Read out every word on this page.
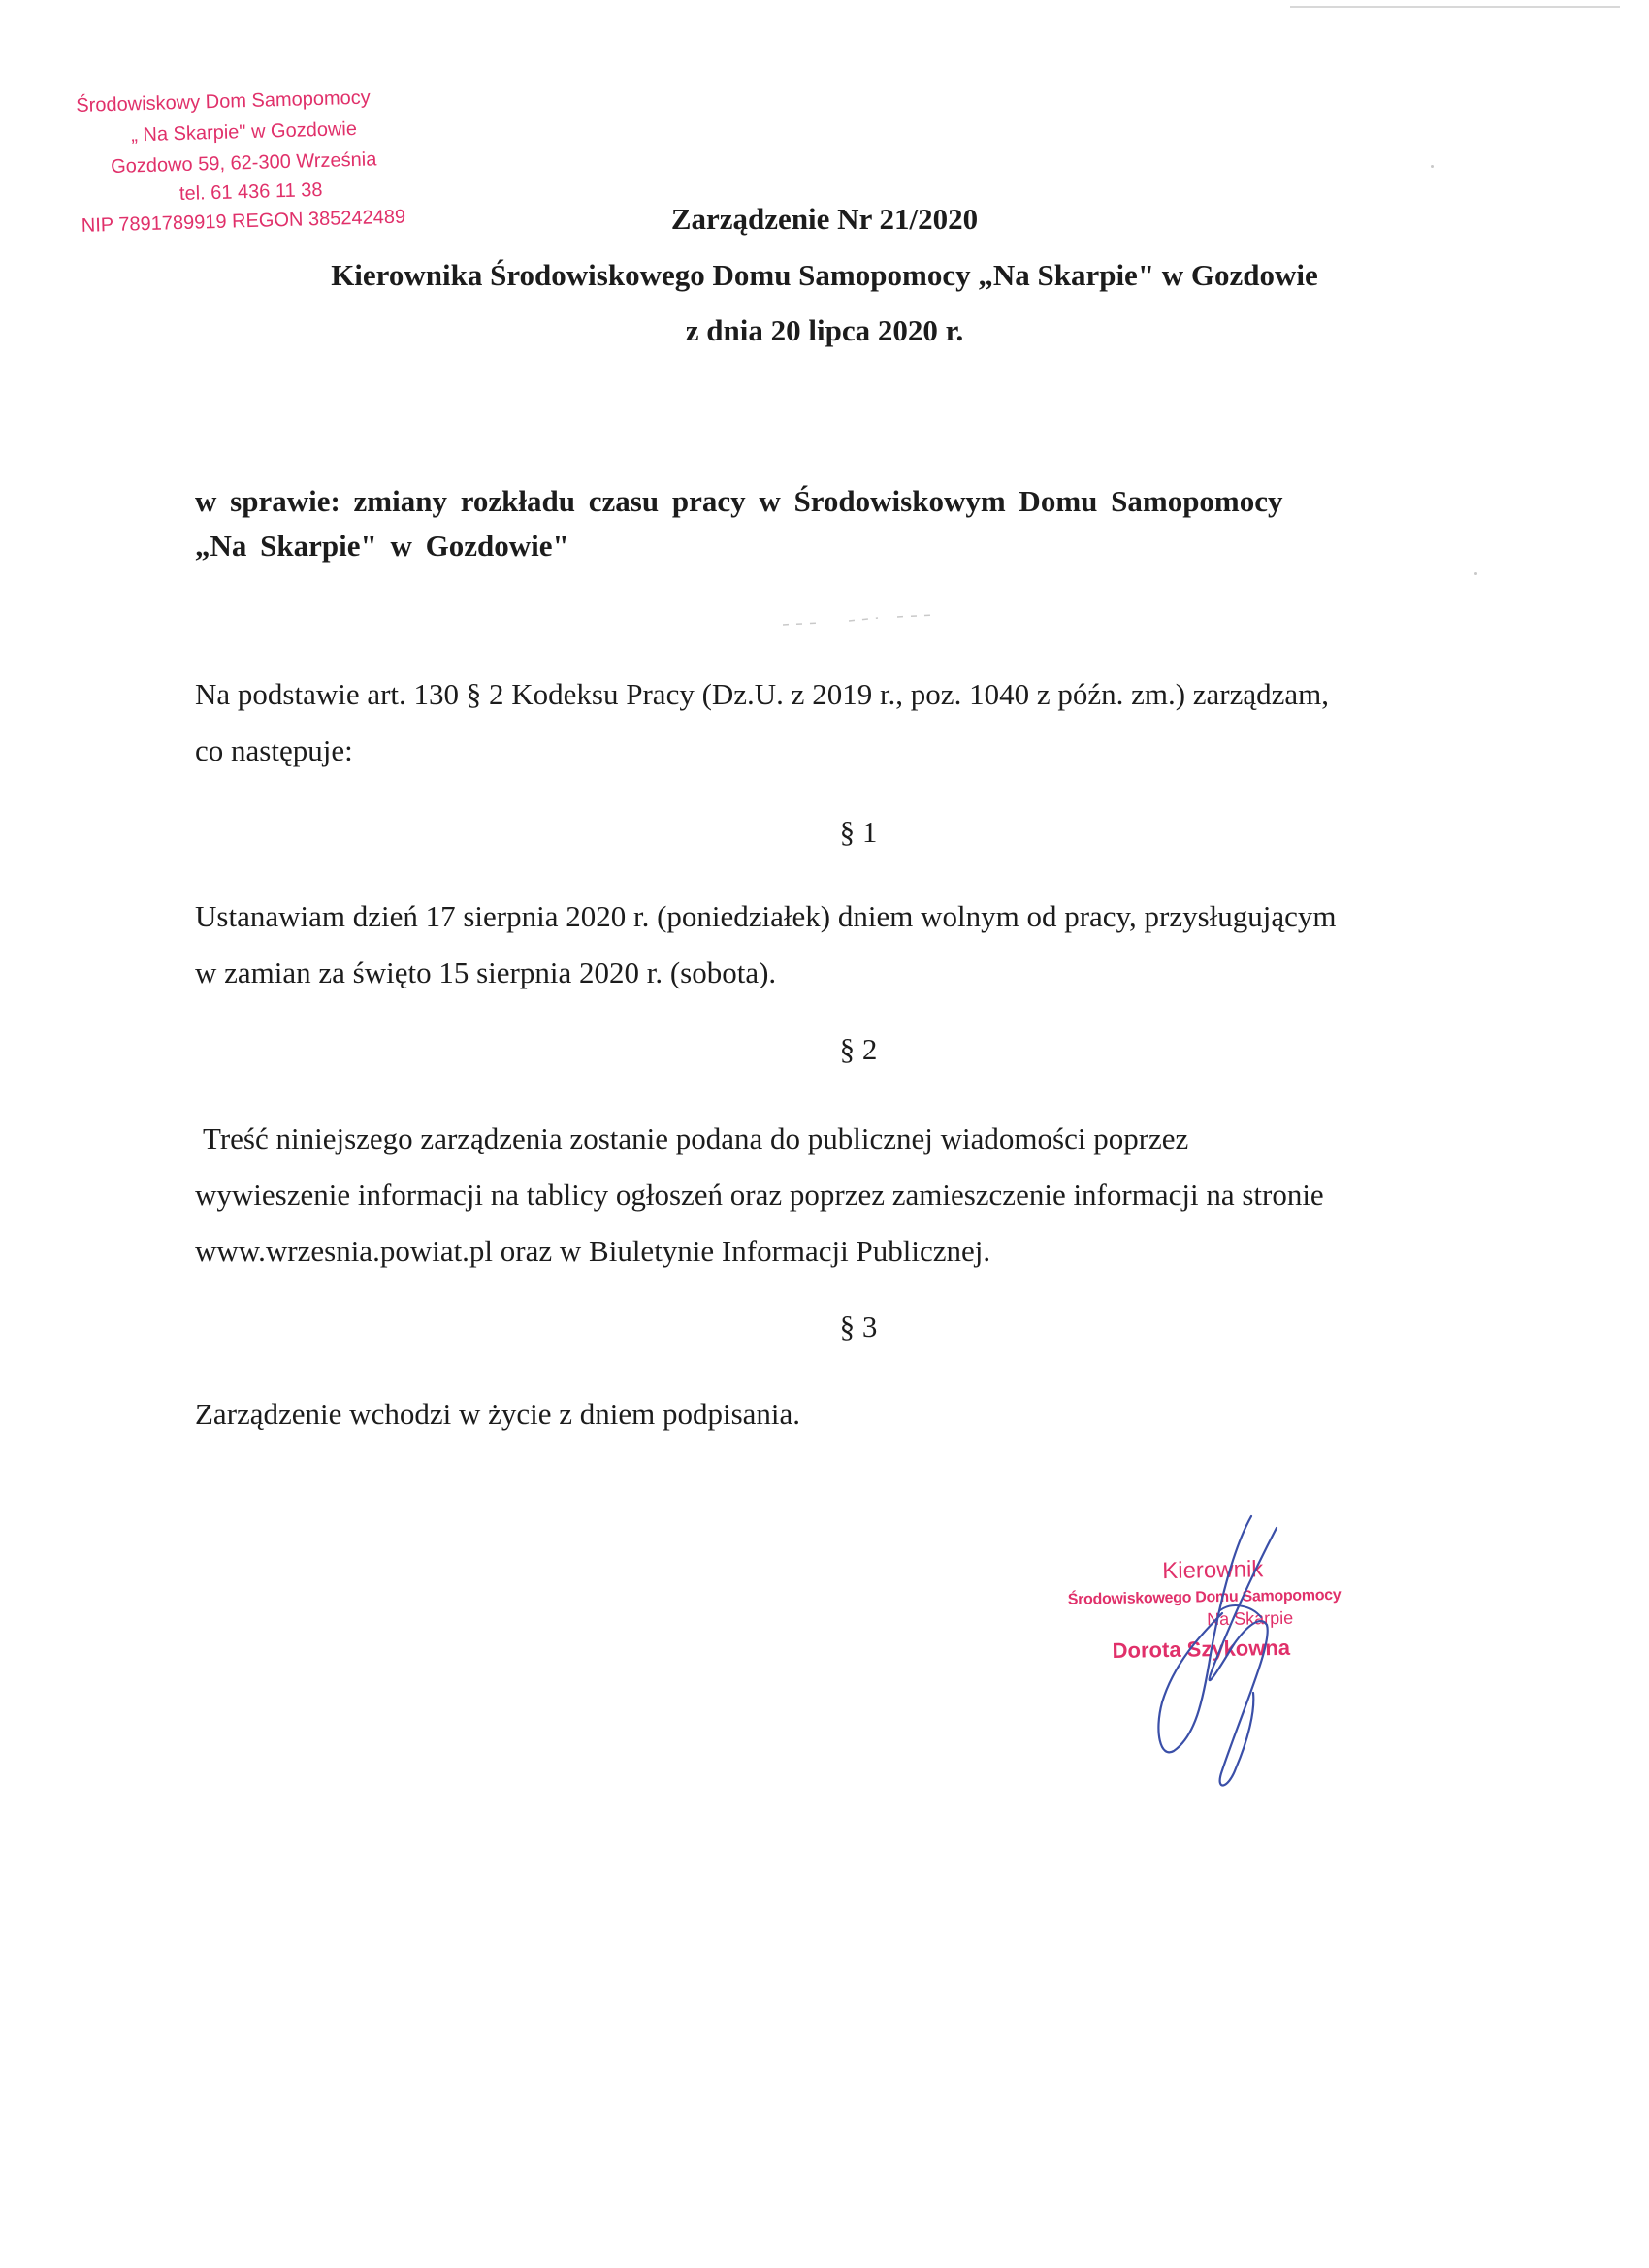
Środowiskowy Dom Samopomocy
„ Na Skarpie" w Gozdowie
Gozdowo 59, 62-300 Września
tel. 61 436 11 38
NIP 7891789919 REGON 385242489	Zarządzenie Nr 21/2020
Kierownika Środowiskowego Domu Samopomocy „Na Skarpie" w Gozdowie
z dnia 20 lipca 2020 r.
w sprawie: zmiany rozkładu czasu pracy w Środowiskowym Domu Samopomocy
„Na Skarpie" w Gozdowie"
Na podstawie art. 130 § 2 Kodeksu Pracy (Dz.U. z 2019 r., poz. 1040 z późn. zm.) zarządzam,
co następuje:
§ 1
Ustanawiam dzień 17 sierpnia 2020 r. (poniedziałek) dniem wolnym od pracy, przysługującym
w zamian za święto 15 sierpnia 2020 r. (sobota).
§ 2
Treść niniejszego zarządzenia zostanie podana do publicznej wiadomości poprzez
wywieszenie informacji na tablicy ogłoszeń oraz poprzez zamieszczenie informacji na stronie
www.wrzesnia.powiat.pl oraz w Biuletynie Informacji Publicznej.
§ 3
Zarządzenie wchodzi w życie z dniem podpisania.
Kierownik
Środowiskowego Domu Samopomocy
Na Skarpie
Dorota Szykowna
